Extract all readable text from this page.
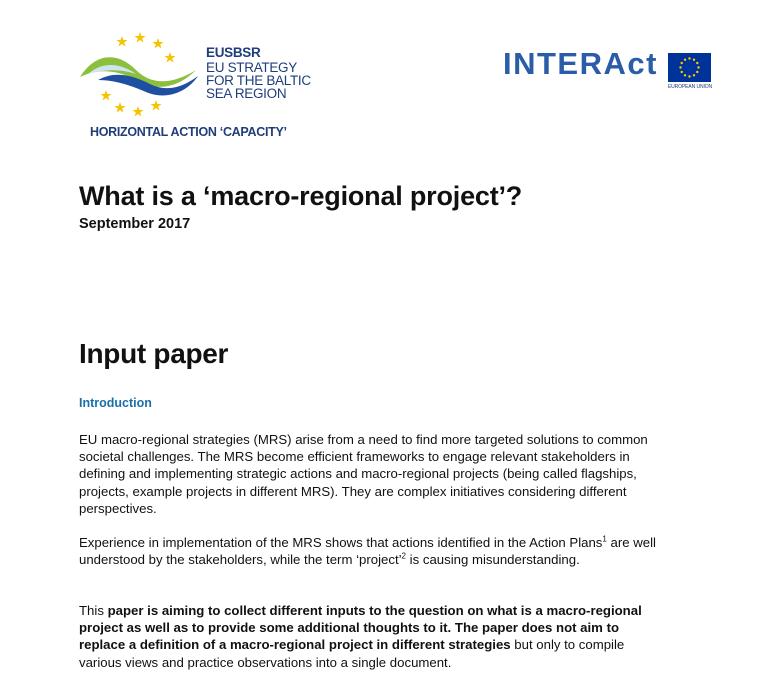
EUSBSR
EU STRATEGY
FOR THE BALTIC
SEA REGION
HORIZONTAL ACTION ‘CAPACITY’
INTERAct
EUROPEAN UNION
What is a ‘macro-regional project’?
September 2017
Input paper
Introduction

EU macro-regional strategies (MRS) arise from a need to find more targeted solutions to common societal challenges. The MRS become efficient frameworks to engage relevant stakeholders in defining and implementing strategic actions and macro-regional projects (being called flagships, projects, example projects in different MRS). They are complex initiatives considering different perspectives.

Experience in implementation of the MRS shows that actions identified in the Action Plans$^1$ are well understood by the stakeholders, while the term ‘project’$^2$ is causing misunderstanding.

This paper is aiming to collect different inputs to the question on what is a macro-regional project as well as to provide some additional thoughts to it. The paper does not aim to replace a definition of a macro-regional project in different strategies but only to compile various views and practice observations into a single document.
